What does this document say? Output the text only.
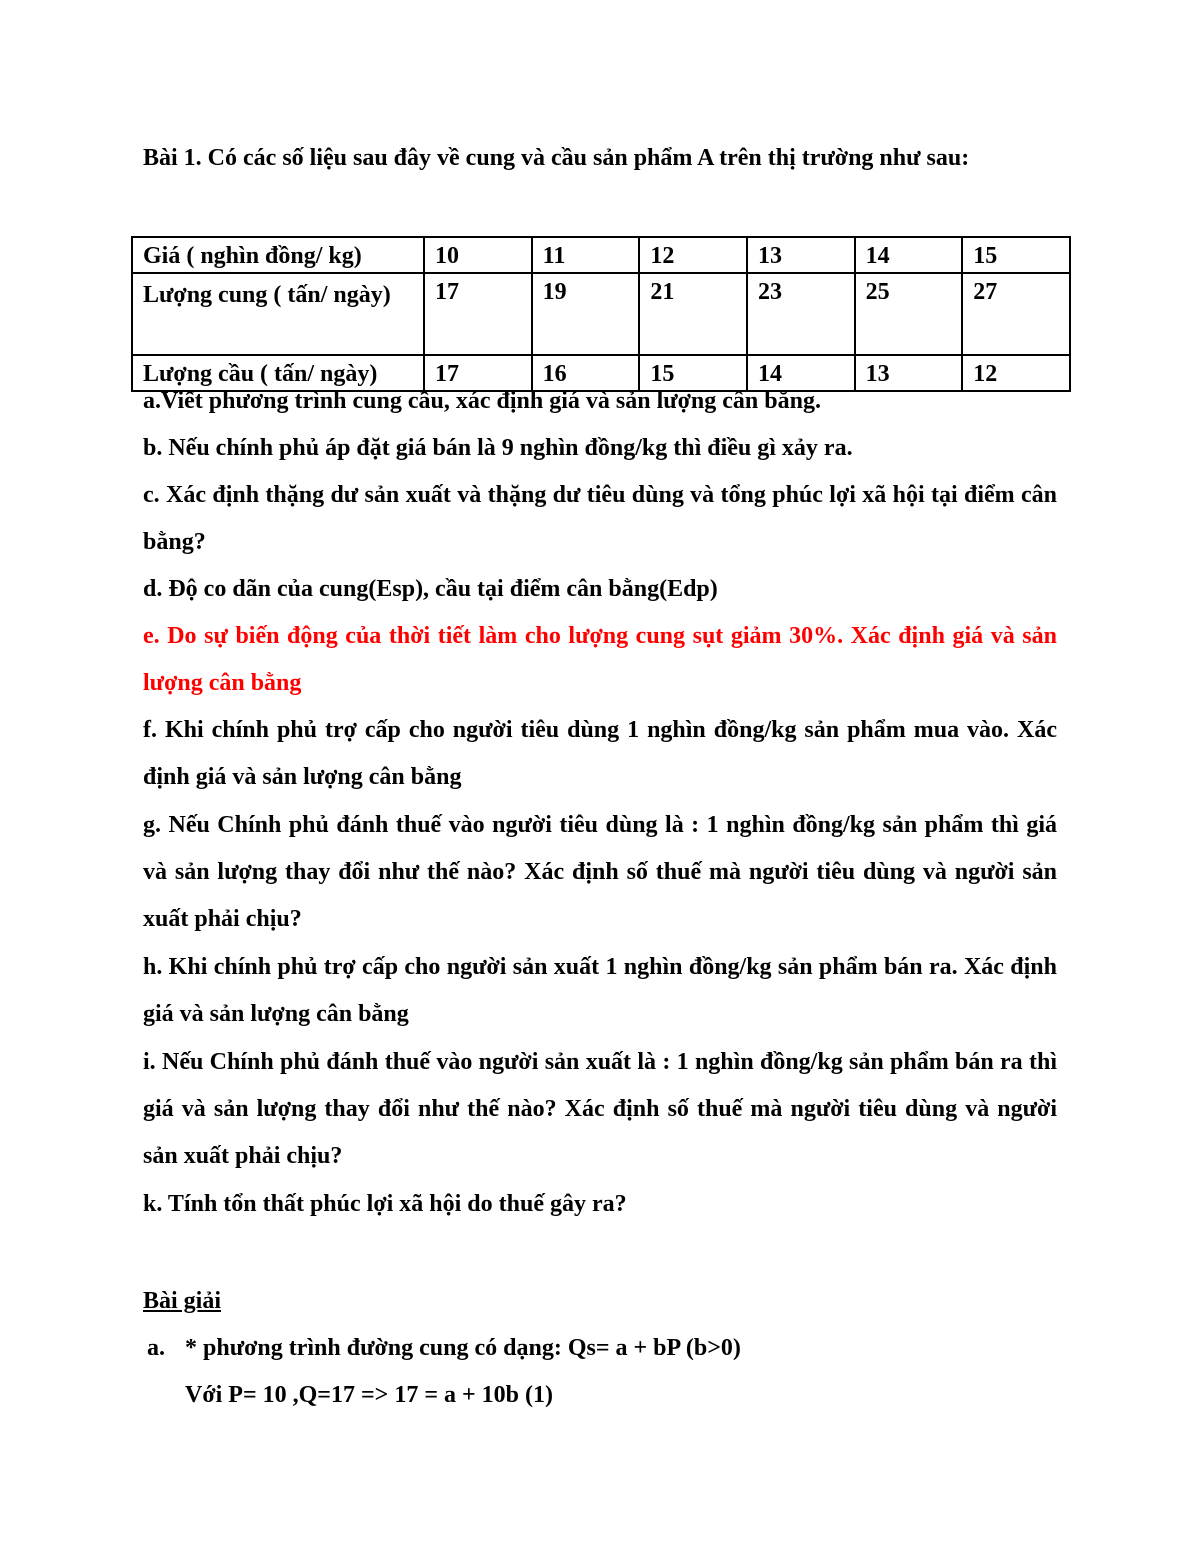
Bài 1. Có các số liệu sau đây về cung và cầu sản phẩm A trên thị trường như sau:

Giá ( nghìn đồng/ kg)	10	11	12	13	14	15
Lượng cung ( tấn/ ngày)	17	19	21	23	25	27
Lượng cầu ( tấn/ ngày)	17	16	15	14	13	12

a.Viết phương trình cung cầu, xác định giá và sản lượng cân bằng.

b. Nếu chính phủ áp đặt giá bán là 9 nghìn đồng/kg thì điều gì xảy ra.

c. Xác định thặng dư sản xuất và thặng dư tiêu dùng và tổng phúc lợi xã hội tại điểm cân bằng?

d. Độ co dãn của cung(Esp), cầu tại điểm cân bằng(Edp)

e. Do sự biến động của thời tiết làm cho lượng cung sụt giảm 30%. Xác định giá và sản lượng cân bằng

f. Khi chính phủ trợ cấp cho người tiêu dùng 1 nghìn đồng/kg sản phẩm mua vào. Xác định giá và sản lượng cân bằng

g. Nếu Chính phủ đánh thuế vào người tiêu dùng là : 1 nghìn đồng/kg sản phẩm thì giá và sản lượng thay đổi như thế nào? Xác định số thuế mà người tiêu dùng và người sản xuất phải chịu?

h. Khi chính phủ trợ cấp cho người sản xuất 1 nghìn đồng/kg sản phẩm bán ra. Xác định giá và sản lượng cân bằng

i. Nếu Chính phủ đánh thuế vào người sản xuất là : 1 nghìn đồng/kg sản phẩm bán ra thì giá và sản lượng thay đổi như thế nào? Xác định số thuế mà người tiêu dùng và người sản xuất phải chịu?

k. Tính tổn thất phúc lợi xã hội do thuế gây ra?

Bài giải

a. * phương trình đường cung có dạng: Qs= a + bP (b>0)
Với P= 10 ,Q=17 => 17 = a + 10b (1)
